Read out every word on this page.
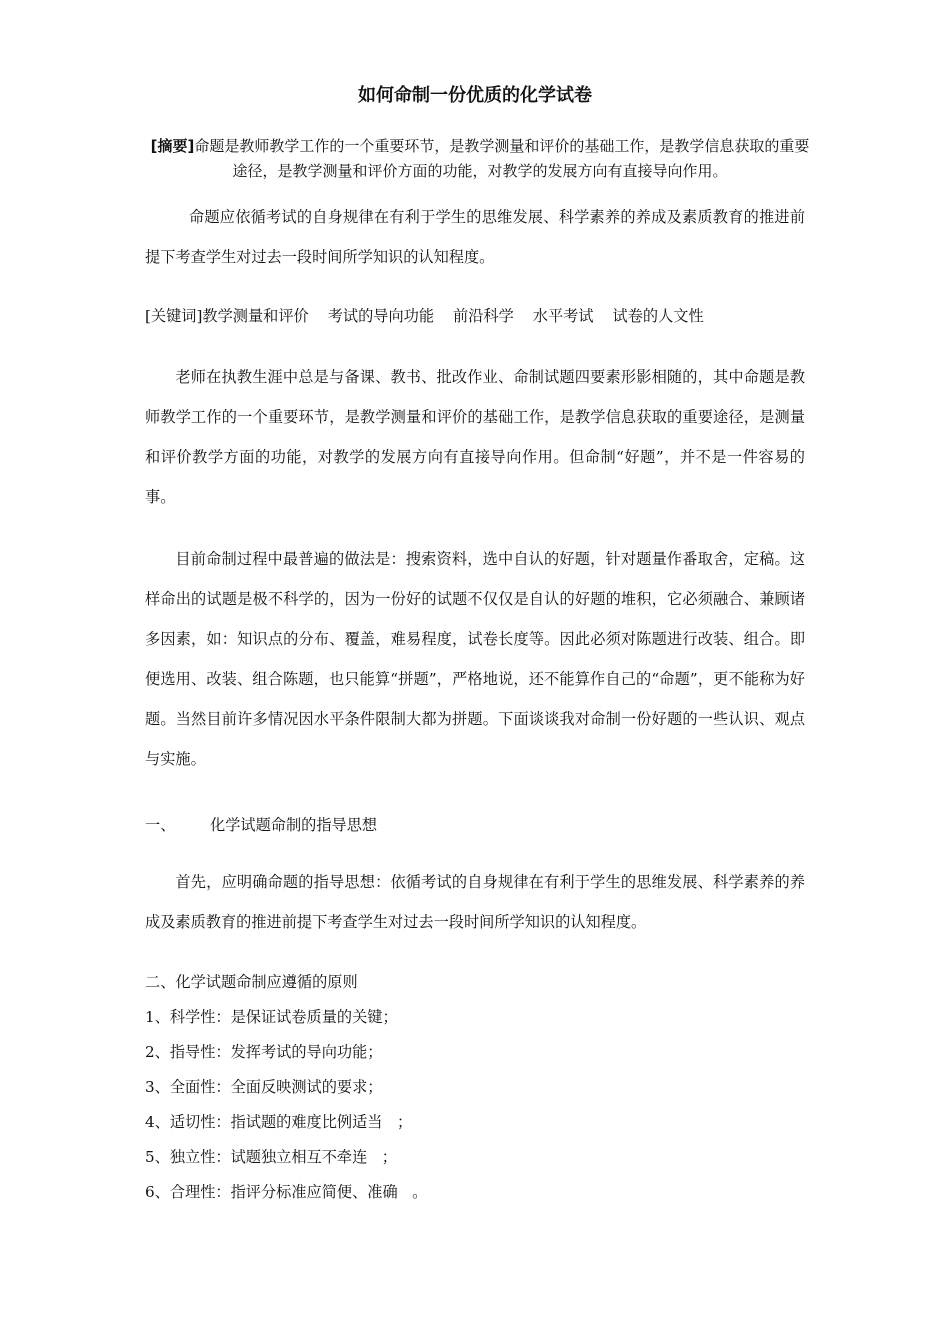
如何命制一份优质的化学试卷
[摘要]命题是教师教学工作的一个重要环节，是教学测量和评价的基础工作，是教学信息获取的重要途径，是教学测量和评价方面的功能，对教学的发展方向有直接导向作用。
命题应依循考试的自身规律在有利于学生的思维发展、科学素养的养成及素质教育的推进前提下考查学生对过去一段时间所学知识的认知程度。
[关键词]教学测量和评价 考试的导向功能 前沿科学 水平考试 试卷的人文性
老师在执教生涯中总是与备课、教书、批改作业、命制试题四要素形影相随的，其中命题是教师教学工作的一个重要环节，是教学测量和评价的基础工作，是教学信息获取的重要途径，是测量和评价教学方面的功能，对教学的发展方向有直接导向作用。但命制“好题”，并不是一件容易的事。
目前命制过程中最普遍的做法是：搜索资料，选中自认的好题，针对题量作番取舍，定稿。这样命出的试题是极不科学的，因为一份好的试题不仅仅是自认的好题的堆积，它必须融合、兼顾诸多因素，如：知识点的分布、覆盖，难易程度，试卷长度等。因此必须对陈题进行改装、组合。即便选用、改装、组合陈题，也只能算“拼题”，严格地说，还不能算作自己的“命题”，更不能称为好题。当然目前许多情况因水平条件限制大都为拼题。下面谈谈我对命制一份好题的一些认识、观点与实施。
一、 化学试题命制的指导思想
首先，应明确命题的指导思想：依循考试的自身规律在有利于学生的思维发展、科学素养的养成及素质教育的推进前提下考查学生对过去一段时间所学知识的认知程度。
二、化学试题命制应遵循的原则
1、科学性：是保证试卷质量的关键；
2、指导性：发挥考试的导向功能；
3、全面性：全面反映测试的要求；
4、适切性：指试题的难度比例适当   ；
5、独立性：试题独立相互不牵连   ；
6、合理性：指评分标准应简便、准确   。
